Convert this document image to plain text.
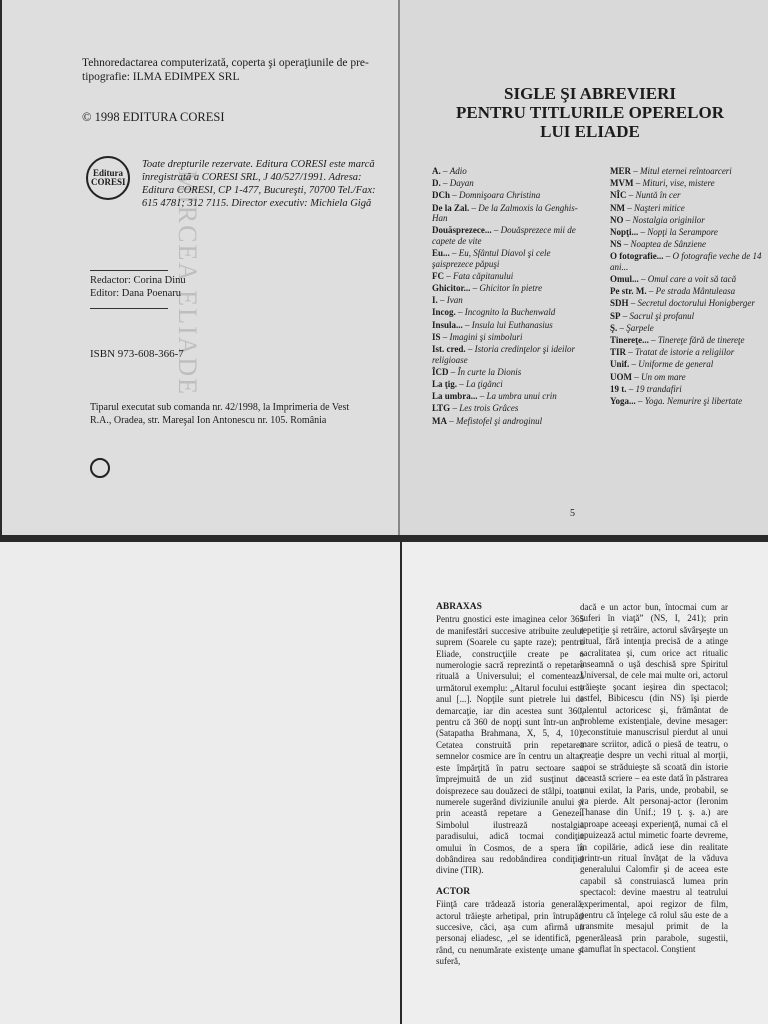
MIRCEA ELIADE
Tehnoredactarea computerizată, coperta şi operaţiunile de pre-tipografie: ILMA EDIMPEX SRL
© 1998 EDITURA CORESI
Editura CORESI
Toate drepturile rezervate. Editura CORESI este marcă înregistrată a CORESI SRL, J 40/527/1991. Adresa: Editura CORESI, CP 1-477, Bucureşti, 70700 Tel./Fax: 615 4781; 312 7115. Director executiv: Michiela Gigă
Redactor: Corina Dinu
Editor: Dana Poenaru
ISBN 973-608-366-7
Tiparul executat sub comanda nr. 42/1998, la Imprimeria de Vest R.A., Oradea, str. Mareşal Ion Antonescu nr. 105. România
SIGLE ŞI ABREVIERI
PENTRU TITLURILE OPERELOR
LUI ELIADE
A. – Adio
D. – Dayan
DCh – Domnişoara Christina
De la Zal. – De la Zalmoxis la Genghis-Han
Douăsprezece... – Douăsprezece mii de capete de vite
Eu... – Eu, Sfântul Diavol şi cele şaisprezece păpuşi
FC – Fata căpitanului
Ghicitor... – Ghicitor în pietre
I. – Ivan
Incog. – Incognito la Buchenwald
Insula... – Insula lui Euthanasius
IS – Imagini şi simboluri
Ist. cred. – Istoria credinţelor şi ideilor religioase
ÎCD – În curte la Dionis
La ţig. – La ţigănci
La umbra... – La umbra unui crin
LTG – Les trois Grâces
MA – Mefistofel şi androginul
MER – Mitul eternei reîntoarceri
MVM – Mituri, vise, mistere
NÎC – Nuntă în cer
NM – Naşteri mitice
NO – Nostalgia originilor
Nopţi... – Nopţi la Serampore
NS – Noaptea de Sânziene
O fotografie... – O fotografie veche de 14 ani...
Omul... – Omul care a voit să tacă
Pe str. M. – Pe strada Mântuleasa
SDH – Secretul doctorului Honigberger
SP – Sacrul şi profanul
Ş. – Şarpele
Tinereţe... – Tinereţe fără de tinereţe
TIR – Tratat de istorie a religiilor
Unif. – Uniforme de general
UOM – Un om mare
19 t. – 19 trandafiri
Yoga... – Yoga. Nemurire şi libertate
5
ABRAXAS
Pentru gnostici este imaginea celor 365 de manifestări succesive atribuite zeului suprem (Soarele cu şapte raze); pentru Eliade, construcţiile create pe o numerologie sacră reprezintă o repetare rituală a Universului; el comentează următorul exemplu: „Altarul focului este anul [...]. Nopţile sunt pietrele lui de demarcaţie, iar din acestea sunt 360, pentru că 360 de nopţi sunt într-un an” (Satapatha Brahmana, X, 5, 4, 10). Cetatea construită prin repetarea semnelor cosmice are în centru un altar, este împărţită în patru sectoare sau împrejmuită de un zid susţinut de doisprezece sau douăzeci de stâlpi, toate numerele sugerând diviziunile anului şi prin această repetare a Genezei. Simbolul ilustrează nostalgia paradisului, adică tocmai condiţia omului în Cosmos, de a spera în dobândirea sau redobândirea condiţiei divine (TIR).
ACTOR
Fiinţă care trădează istoria generală, actorul trăieşte arhetipal, prin întrupări succesive, căci, aşa cum afirmă un personaj eliadesc, „el se identifică, pe rând, cu nenumărate existenţe umane şi suferă,
dacă e un actor bun, întocmai cum ar suferi în viaţă” (NS, I, 241); prin repetiţie şi retrăire, actorul săvârşeşte un ritual, fără intenţia precisă de a atinge sacralitatea şi, cum orice act ritualic înseamnă o uşă deschisă spre Spiritul Universal, de cele mai multe ori, actorul trăieşte şocant ieşirea din spectacol; astfel, Bibicescu (din NS) îşi pierde talentul actoricesc şi, frământat de probleme existenţiale, devine mesager: reconstituie manuscrisul pierdut al unui mare scriitor, adică o piesă de teatru, o creaţie despre un vechi ritual al morţii, apoi se străduieşte să scoată din istorie această scriere – ea este dată în păstrarea unui exilat, la Paris, unde, probabil, se va pierde. Alt personaj-actor (Ieronim Thanase din Unif.; 19 ţ. ş. a.) are aproape aceeaşi experienţă, numai că el epuizează actul mimetic foarte devreme, în copilărie, adică iese din realitate printr-un ritual învăţat de la văduva generalului Calomfir şi de aceea este capabil să construiască lumea prin spectacol: devine maestru al teatrului experimental, apoi regizor de film, pentru că înţelege că rolul său este de a transmite mesajul primit de la generăleasă prin parabole, sugestii, camuflat în spectacol. Conştient
